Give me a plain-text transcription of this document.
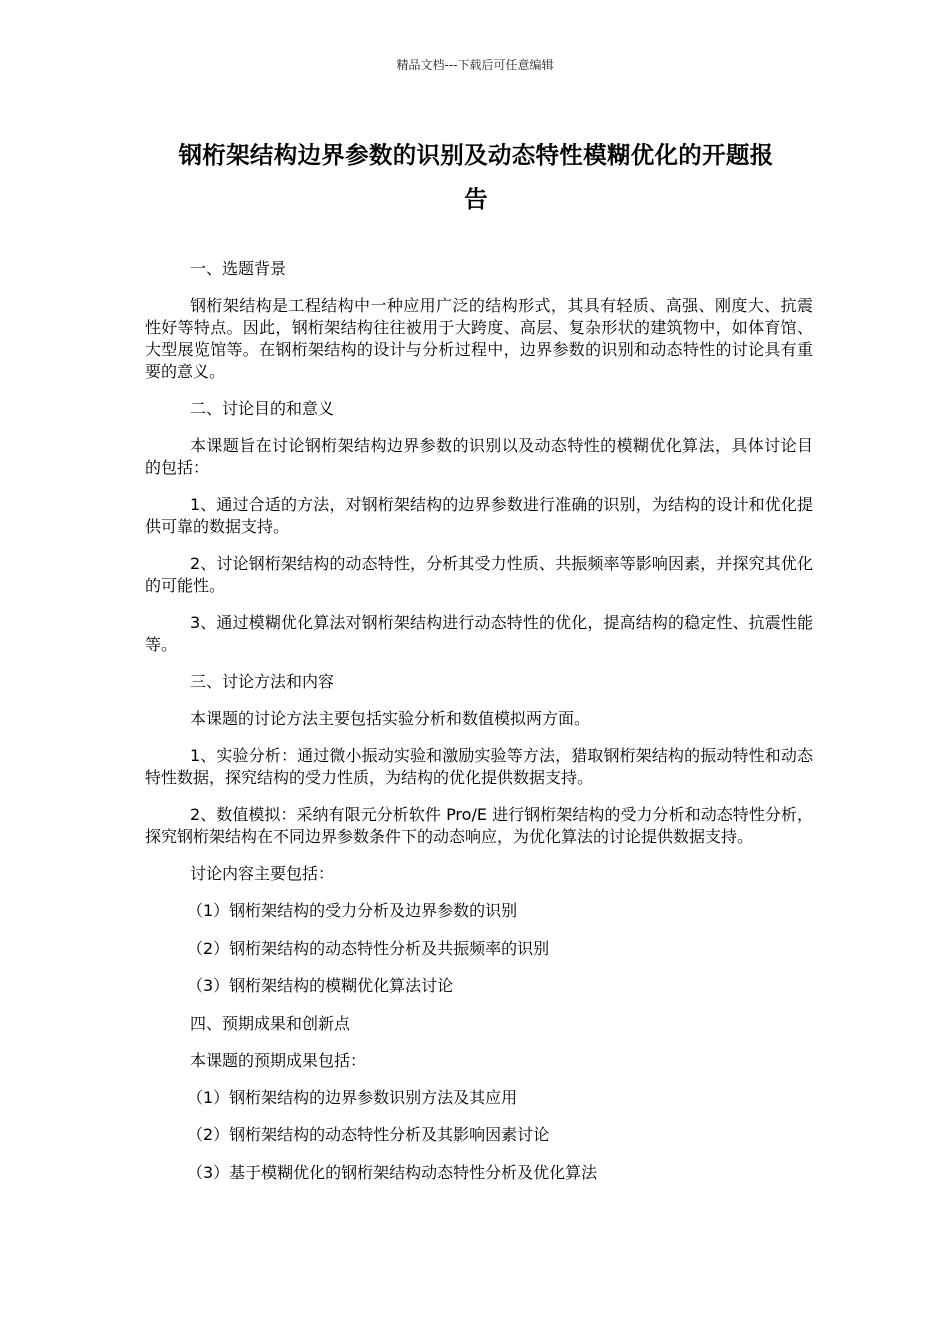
精品文档---下载后可任意编辑
钢桁架结构边界参数的识别及动态特性模糊优化的开题报
告

一、选题背景

钢桁架结构是工程结构中一种应用广泛的结构形式，其具有轻质、高强、刚度大、抗震性好等特点。因此，钢桁架结构往往被用于大跨度、高层、复杂形状的建筑物中，如体育馆、大型展览馆等。在钢桁架结构的设计与分析过程中，边界参数的识别和动态特性的讨论具有重要的意义。

二、讨论目的和意义

本课题旨在讨论钢桁架结构边界参数的识别以及动态特性的模糊优化算法，具体讨论目的包括：

1、通过合适的方法，对钢桁架结构的边界参数进行准确的识别，为结构的设计和优化提供可靠的数据支持。

2、讨论钢桁架结构的动态特性，分析其受力性质、共振频率等影响因素，并探究其优化的可能性。

3、通过模糊优化算法对钢桁架结构进行动态特性的优化，提高结构的稳定性、抗震性能等。

三、讨论方法和内容

本课题的讨论方法主要包括实验分析和数值模拟两方面。

1、实验分析：通过微小振动实验和激励实验等方法，猎取钢桁架结构的振动特性和动态特性数据，探究结构的受力性质，为结构的优化提供数据支持。

2、数值模拟：采纳有限元分析软件 Pro/E 进行钢桁架结构的受力分析和动态特性分析，探究钢桁架结构在不同边界参数条件下的动态响应，为优化算法的讨论提供数据支持。

讨论内容主要包括：

（1）钢桁架结构的受力分析及边界参数的识别

（2）钢桁架结构的动态特性分析及共振频率的识别

（3）钢桁架结构的模糊优化算法讨论

四、预期成果和创新点

本课题的预期成果包括：

（1）钢桁架结构的边界参数识别方法及其应用

（2）钢桁架结构的动态特性分析及其影响因素讨论

（3）基于模糊优化的钢桁架结构动态特性分析及优化算法
